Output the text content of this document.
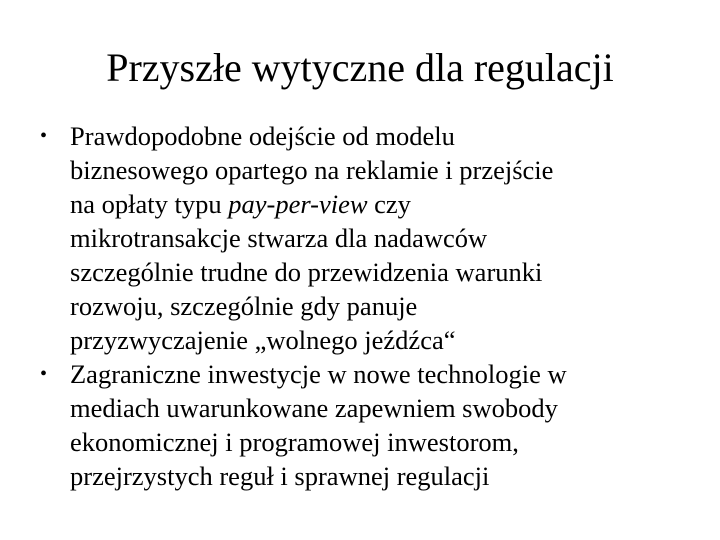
Przyszłe wytyczne dla regulacji
• Prawdopodobne odejście od modelu
biznesowego opartego na reklamie i przejście
na opłaty typu pay-per-view czy
mikrotransakcje stwarza dla nadawców
szczególnie trudne do przewidzenia warunki
rozwoju, szczególnie gdy panuje
przyzwyczajenie „wolnego jeźdźca“
• Zagraniczne inwestycje w nowe technologie w
mediach uwarunkowane zapewniem swobody
ekonomicznej i programowej inwestorom,
przejrzystych reguł i sprawnej regulacji
